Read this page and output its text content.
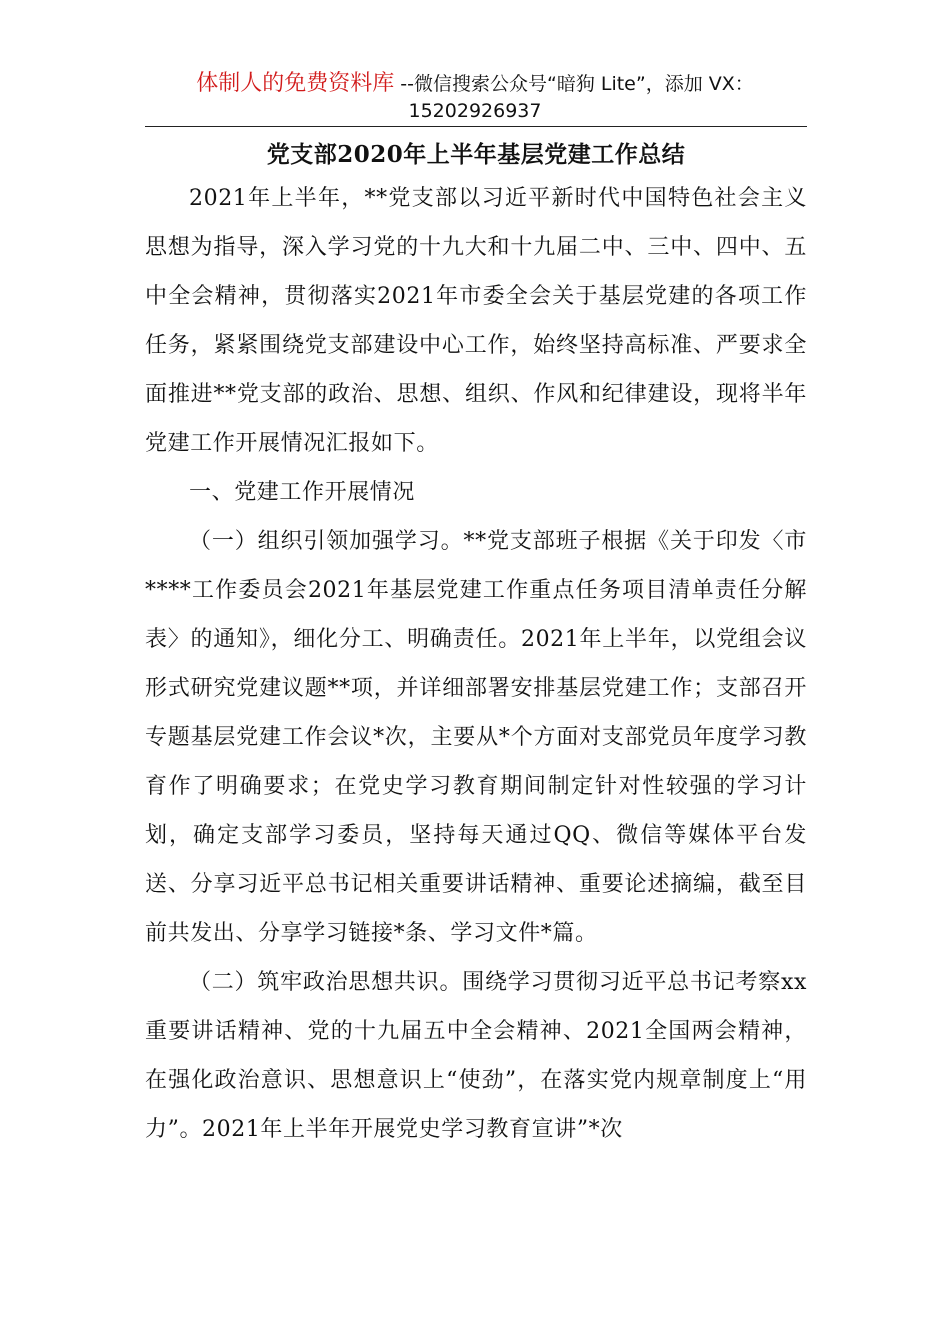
体制人的免费资料库 --微信搜索公众号“暗狗 Lite”，添加 VX：15202926937
党支部2020年上半年基层党建工作总结

2021年上半年，**党支部以习近平新时代中国特色社会主义思想为指导，深入学习党的十九大和十九届二中、三中、四中、五中全会精神，贯彻落实2021年市委全会关于基层党建的各项工作任务，紧紧围绕党支部建设中心工作，始终坚持高标准、严要求全面推进**党支部的政治、思想、组织、作风和纪律建设，现将半年党建工作开展情况汇报如下。

一、党建工作开展情况

（一）组织引领加强学习。**党支部班子根据《关于印发〈市****工作委员会2021年基层党建工作重点任务项目清单责任分解表〉的通知》，细化分工、明确责任。2021年上半年，以党组会议形式研究党建议题**项，并详细部署安排基层党建工作；支部召开专题基层党建工作会议*次，主要从*个方面对支部党员年度学习教育作了明确要求；在党史学习教育期间制定针对性较强的学习计划，确定支部学习委员，坚持每天通过QQ、微信等媒体平台发送、分享习近平总书记相关重要讲话精神、重要论述摘编，截至目前共发出、分享学习链接*条、学习文件*篇。

（二）筑牢政治思想共识。围绕学习贯彻习近平总书记考察xx重要讲话精神、党的十九届五中全会精神、2021全国两会精神，在强化政治意识、思想意识上“使劲”，在落实党内规章制度上“用力”。2021年上半年开展党史学习教育宣讲”*次
